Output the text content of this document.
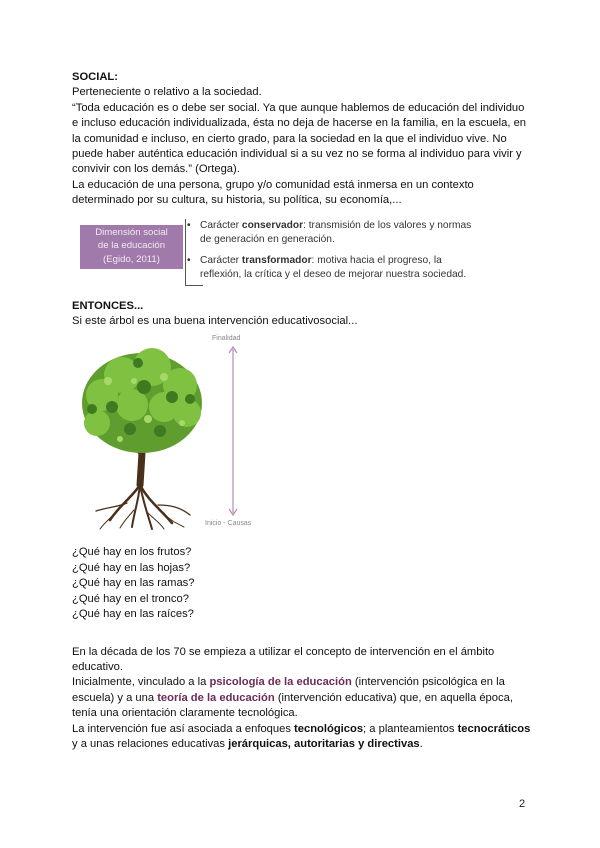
SOCIAL:
Perteneciente o relativo a la sociedad.
“Toda educación es o debe ser social. Ya que aunque hablemos de educación del individuo
e incluso educación individualizada, ésta no deja de hacerse en la familia, en la escuela, en
la comunidad e incluso, en cierto grado, para la sociedad en la que el individuo vive. No
puede haber auténtica educación individual si a su vez no se forma al individuo para vivir y
convivir con los demás.” (Ortega).
La educación de una persona, grupo y/o comunidad está inmersa en un contexto
determinado por su cultura, su historia, su política, su economía,...
Dimensión social
de la educación
(Egido, 2011)
• Carácter conservador: transmisión de los valores y normas
de generación en generación.
• Carácter transformador: motiva hacia el progreso, la
reflexión, la crítica y el deseo de mejorar nuestra sociedad.
ENTONCES...
Si este árbol es una buena intervención educativosocial...
Finalidad
Inicio - Causas
¿Qué hay en los frutos?
¿Qué hay en las hojas?
¿Qué hay en las ramas?
¿Qué hay en el tronco?
¿Qué hay en las raíces?
En la década de los 70 se empieza a utilizar el concepto de intervención en el ámbito
educativo.
Inicialmente, vinculado a la psicología de la educación (intervención psicológica en la
escuela) y a una teoría de la educación (intervención educativa) que, en aquella época,
tenía una orientación claramente tecnológica.
La intervención fue así asociada a enfoques tecnológicos; a planteamientos tecnocráticos
y a unas relaciones educativas jerárquicas, autoritarias y directivas.
2
